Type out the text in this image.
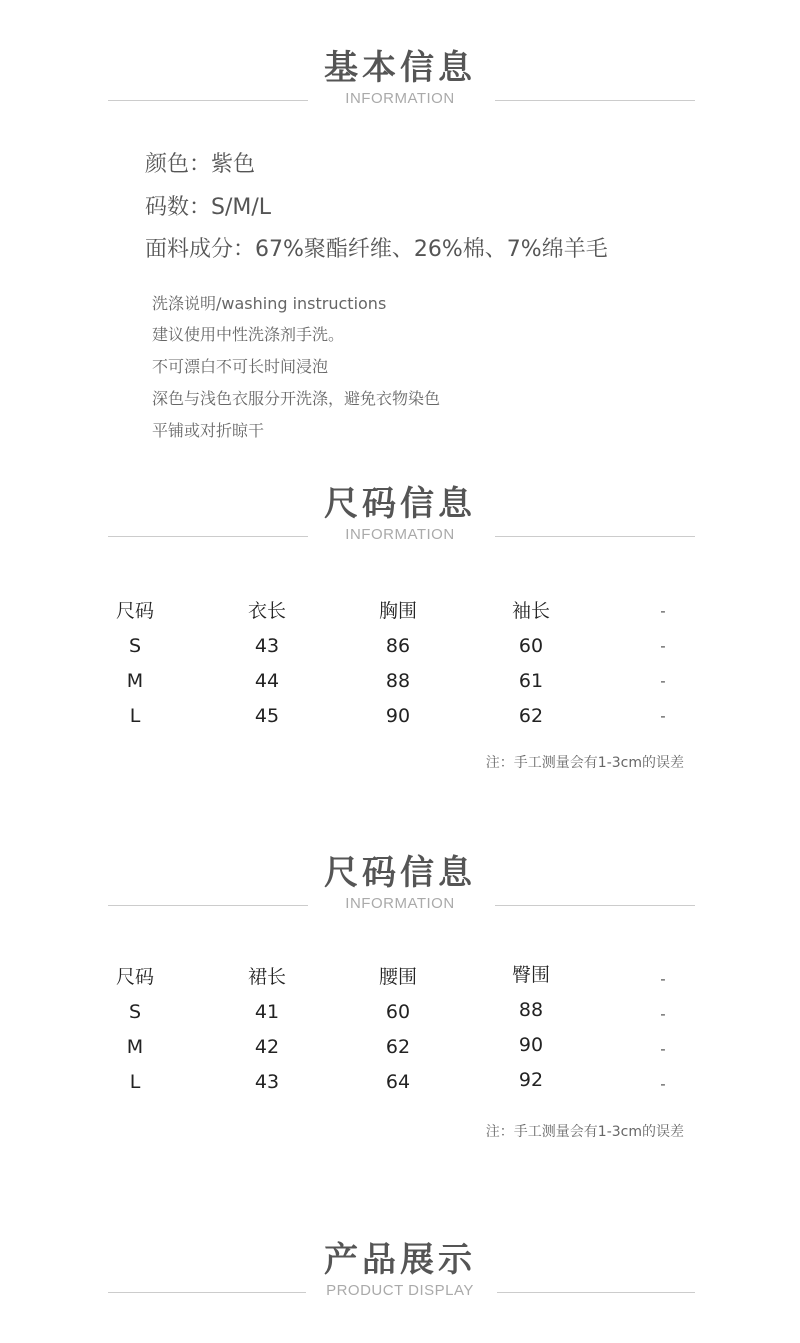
基本信息
INFORMATION
颜色：紫色
码数：S/M/L
面料成分：67%聚酯纤维、26%棉、7%绵羊毛
洗涤说明/washing instructions
建议使用中性洗涤剂手洗。
不可漂白不可长时间浸泡
深色与浅色衣服分开洗涤，避免衣物染色
平铺或对折晾干
尺码信息
INFORMATION
尺码	衣长	胸围	袖长	-
S	43	86	60	-
M	44	88	61	-
L	45	90	62	-
注：手工测量会有1-3cm的误差
尺码信息
INFORMATION
尺码	裙长	腰围	臀围	-
S	41	60	88	-
M	42	62	90	-
L	43	64	92	-
注：手工测量会有1-3cm的误差
产品展示
PRODUCT DISPLAY
